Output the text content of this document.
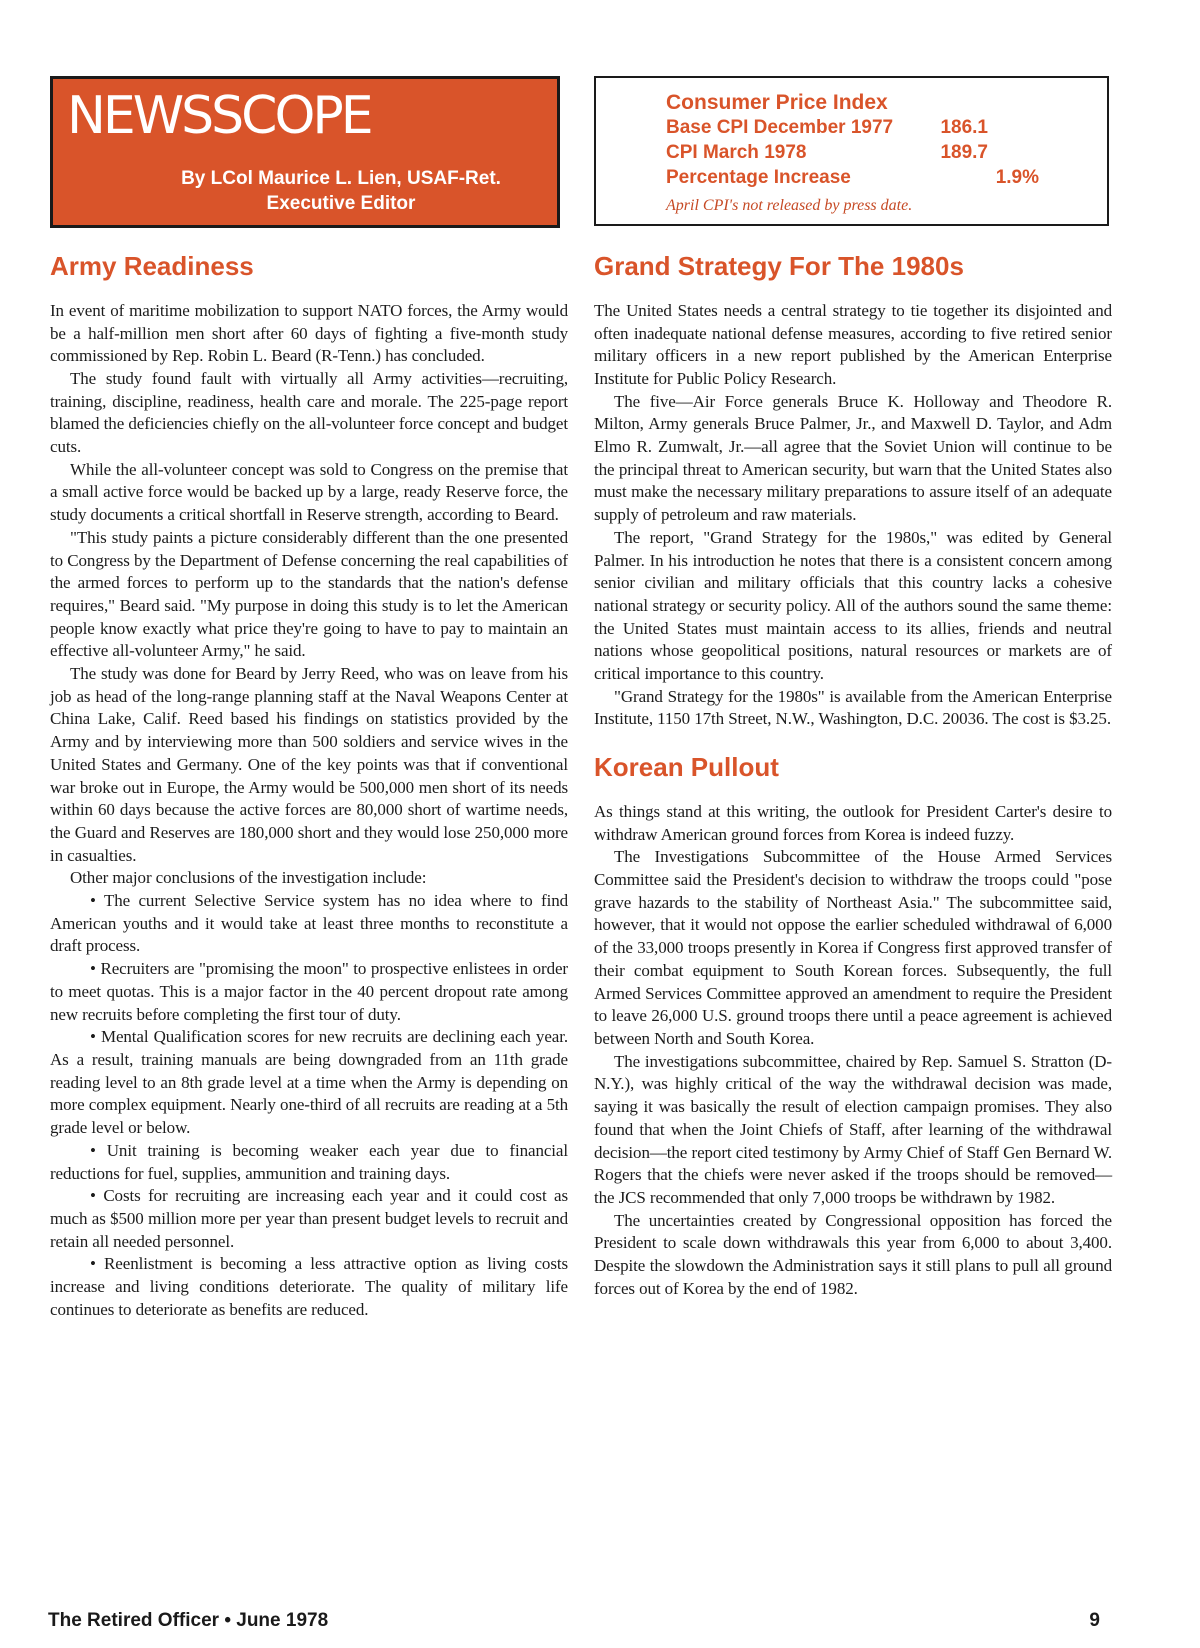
NEWSSCOPE
By LCol Maurice L. Lien, USAF-Ret.
Executive Editor
Consumer Price Index
Base CPI December 1977 186.1
CPI March 1978	189.7
Percentage Increase	1.9%
April CPI's not released by press date.
Army Readiness

In event of maritime mobilization to support NATO forces, the Army would be a half-million men short after 60 days of fighting a five-month study commissioned by Rep. Robin L. Beard (R-Tenn.) has concluded.

The study found fault with virtually all Army activities—recruiting, training, discipline, readiness, health care and morale. The 225-page report blamed the deficiencies chiefly on the all-volunteer force concept and budget cuts.

While the all-volunteer concept was sold to Congress on the premise that a small active force would be backed up by a large, ready Reserve force, the study documents a critical shortfall in Reserve strength, according to Beard.

"This study paints a picture considerably different than the one presented to Congress by the Department of Defense concerning the real capabilities of the armed forces to perform up to the standards that the nation's defense requires," Beard said. "My purpose in doing this study is to let the American people know exactly what price they're going to have to pay to maintain an effective all-volunteer Army," he said.

The study was done for Beard by Jerry Reed, who was on leave from his job as head of the long-range planning staff at the Naval Weapons Center at China Lake, Calif. Reed based his findings on statistics provided by the Army and by interviewing more than 500 soldiers and service wives in the United States and Germany. One of the key points was that if conventional war broke out in Europe, the Army would be 500,000 men short of its needs within 60 days because the active forces are 80,000 short of wartime needs, the Guard and Reserves are 180,000 short and they would lose 250,000 more in casualties.

Other major conclusions of the investigation include:

• The current Selective Service system has no idea where to find American youths and it would take at least three months to reconstitute a draft process.

• Recruiters are "promising the moon" to prospective enlistees in order to meet quotas. This is a major factor in the 40 percent dropout rate among new recruits before completing the first tour of duty.

• Mental Qualification scores for new recruits are declining each year. As a result, training manuals are being downgraded from an 11th grade reading level to an 8th grade level at a time when the Army is depending on more complex equipment. Nearly one-third of all recruits are reading at a 5th grade level or below.

• Unit training is becoming weaker each year due to financial reductions for fuel, supplies, ammunition and training days.

• Costs for recruiting are increasing each year and it could cost as much as $500 million more per year than present budget levels to recruit and retain all needed personnel.

• Reenlistment is becoming a less attractive option as living costs increase and living conditions deteriorate. The quality of military life continues to deteriorate as benefits are reduced.

Grand Strategy For The 1980s

The United States needs a central strategy to tie together its disjointed and often inadequate national defense measures, according to five retired senior military officers in a new report published by the American Enterprise Institute for Public Policy Research.

The five—Air Force generals Bruce K. Holloway and Theodore R. Milton, Army generals Bruce Palmer, Jr., and Maxwell D. Taylor, and Adm Elmo R. Zumwalt, Jr.—all agree that the Soviet Union will continue to be the principal threat to American security, but warn that the United States also must make the necessary military preparations to assure itself of an adequate supply of petroleum and raw materials.

The report, "Grand Strategy for the 1980s," was edited by General Palmer. In his introduction he notes that there is a consistent concern among senior civilian and military officials that this country lacks a cohesive national strategy or security policy. All of the authors sound the same theme: the United States must maintain access to its allies, friends and neutral nations whose geopolitical positions, natural resources or markets are of critical importance to this country.

"Grand Strategy for the 1980s" is available from the American Enterprise Institute, 1150 17th Street, N.W., Washington, D.C. 20036. The cost is $3.25.

Korean Pullout

As things stand at this writing, the outlook for President Carter's desire to withdraw American ground forces from Korea is indeed fuzzy.

The Investigations Subcommittee of the House Armed Services Committee said the President's decision to withdraw the troops could "pose grave hazards to the stability of Northeast Asia." The subcommittee said, however, that it would not oppose the earlier scheduled withdrawal of 6,000 of the 33,000 troops presently in Korea if Congress first approved transfer of their combat equipment to South Korean forces. Subsequently, the full Armed Services Committee approved an amendment to require the President to leave 26,000 U.S. ground troops there until a peace agreement is achieved between North and South Korea.

The investigations subcommittee, chaired by Rep. Samuel S. Stratton (D-N.Y.), was highly critical of the way the withdrawal decision was made, saying it was basically the result of election campaign promises. They also found that when the Joint Chiefs of Staff, after learning of the withdrawal decision—the report cited testimony by Army Chief of Staff Gen Bernard W. Rogers that the chiefs were never asked if the troops should be removed—the JCS recommended that only 7,000 troops be withdrawn by 1982.

The uncertainties created by Congressional opposition has forced the President to scale down withdrawals this year from 6,000 to about 3,400. Despite the slowdown the Administration says it still plans to pull all ground forces out of Korea by the end of 1982.

The Retired Officer • June 1978	9
